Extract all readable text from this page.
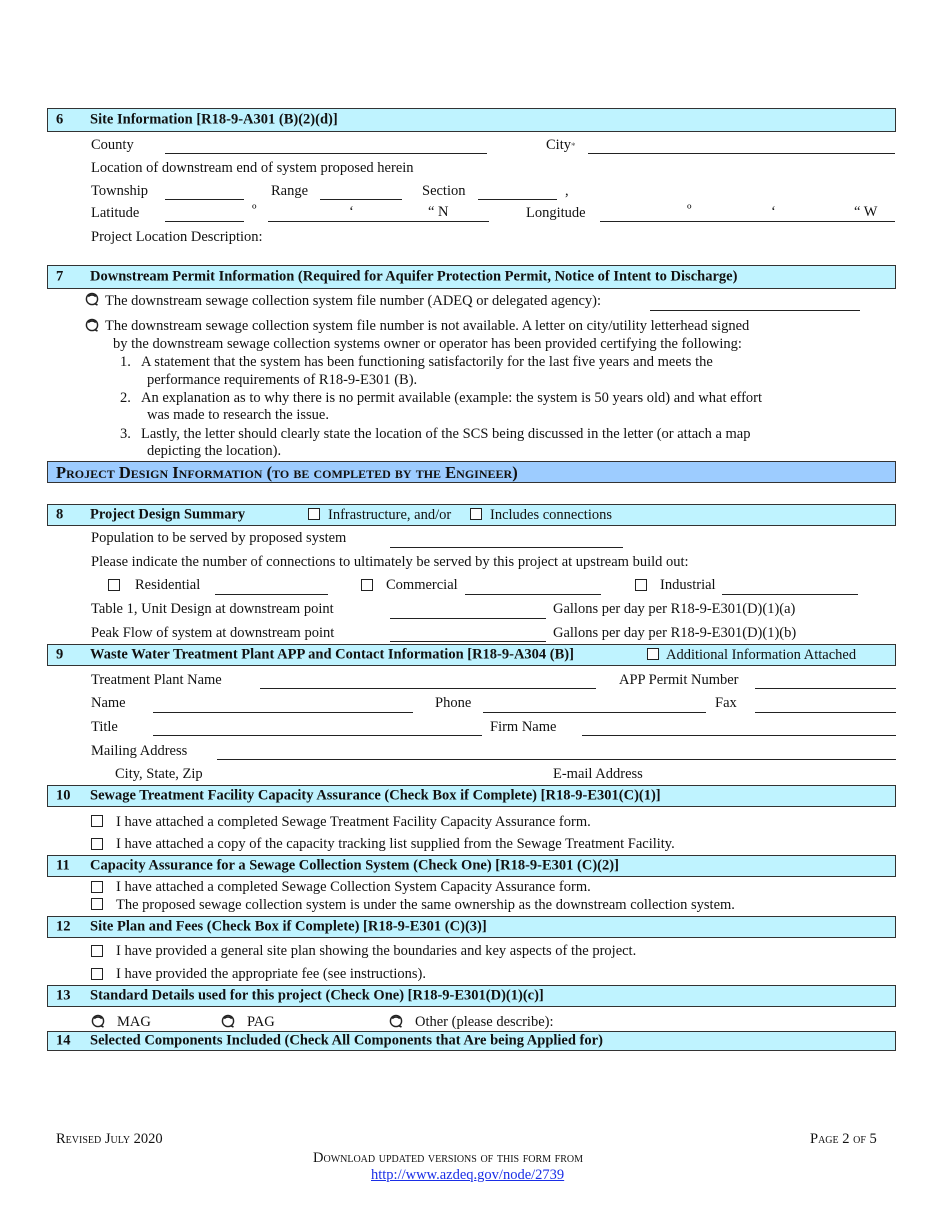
6 Site Information [R18-9-A301 (B)(2)(d)]
County	City*
Location of downstream end of system proposed herein
Township	Range	Section	,
Latitude	º	‘	“ N	Longitude	º	‘	“ W
Project Location Description:
7 Downstream Permit Information (Required for Aquifer Protection Permit, Notice of Intent to Discharge)
The downstream sewage collection system file number (ADEQ or delegated agency):
The downstream sewage collection system file number is not available. A letter on city/utility letterhead signed
by the downstream sewage collection systems owner or operator has been provided certifying the following:
1. A statement that the system has been functioning satisfactorily for the last five years and meets the
performance requirements of R18-9-E301 (B).
2. An explanation as to why there is no permit available (example: the system is 50 years old) and what effort
was made to research the issue.
3. Lastly, the letter should clearly state the location of the SCS being discussed in the letter (or attach a map
depicting the location).
Project Design Information (to be completed by the Engineer)
8 Project Design Summary	Infrastructure, and/or	Includes connections
Population to be served by proposed system
Please indicate the number of connections to ultimately be served by this project at upstream build out:
Residential	Commercial	Industrial
Table 1, Unit Design at downstream point	Gallons per day per R18-9-E301(D)(1)(a)
Peak Flow of system at downstream point	Gallons per day per R18-9-E301(D)(1)(b)
9 Waste Water Treatment Plant APP and Contact Information [R18-9-A304 (B)]	Additional Information Attached
Treatment Plant Name	APP Permit Number
Name	Phone	Fax
Title	Firm Name
Mailing Address
City, State, Zip	E-mail Address
10 Sewage Treatment Facility Capacity Assurance (Check Box if Complete) [R18-9-E301(C)(1)]
I have attached a completed Sewage Treatment Facility Capacity Assurance form.
I have attached a copy of the capacity tracking list supplied from the Sewage Treatment Facility.
11 Capacity Assurance for a Sewage Collection System (Check One) [R18-9-E301 (C)(2)]
I have attached a completed Sewage Collection System Capacity Assurance form.
The proposed sewage collection system is under the same ownership as the downstream collection system.
12 Site Plan and Fees (Check Box if Complete) [R18-9-E301 (C)(3)]
I have provided a general site plan showing the boundaries and key aspects of the project.
I have provided the appropriate fee (see instructions).
13 Standard Details used for this project (Check One) [R18-9-E301(D)(1)(c)]
MAG	PAG	Other (please describe):
14 Selected Components Included (Check All Components that Are being Applied for)
Revised July 2020	Page 2 of 5
Download updated versions of this form from
http://www.azdeq.gov/node/2739
